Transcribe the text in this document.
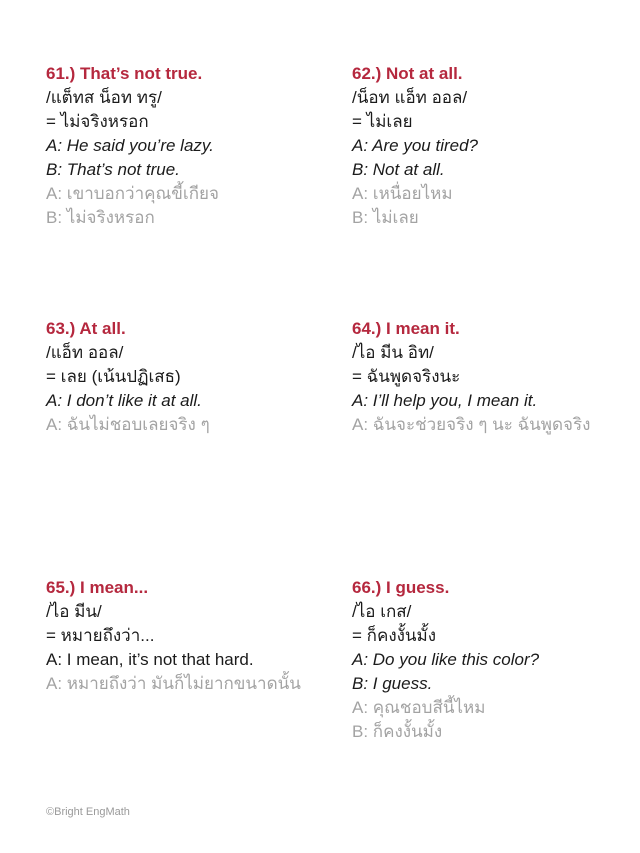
61.) That’s not true.
/แต็ทส น็อท ทรู/
= ไม่จริงหรอก
A: He said you’re lazy.
B: That’s not true.
A: เขาบอกว่าคุณขี้เกียจ
B: ไม่จริงหรอก
62.) Not at all.
/น็อท แอ็ท ออล/
= ไม่เลย
A: Are you tired?
B: Not at all.
A: เหนื่อยไหม
B: ไม่เลย
63.) At all.
/แอ็ท ออล/
= เลย (เน้นปฏิเสธ)
A: I don’t like it at all.
A: ฉันไม่ชอบเลยจริง ๆ
64.) I mean it.
/ไอ มีน อิท/
= ฉันพูดจริงนะ
A: I’ll help you, I mean it.
A: ฉันจะช่วยจริง ๆ นะ ฉันพูดจริง
65.) I mean...
/ไอ มีน/
= หมายถึงว่า...
A: I mean, it’s not that hard.
A: หมายถึงว่า มันก็ไม่ยากขนาดนั้น
66.) I guess.
/ไอ เกส/
= ก็คงงั้นมั้ง
A: Do you like this color?
B: I guess.
A: คุณชอบสีนี้ไหม
B: ก็คงงั้นมั้ง
©Bright EngMath
